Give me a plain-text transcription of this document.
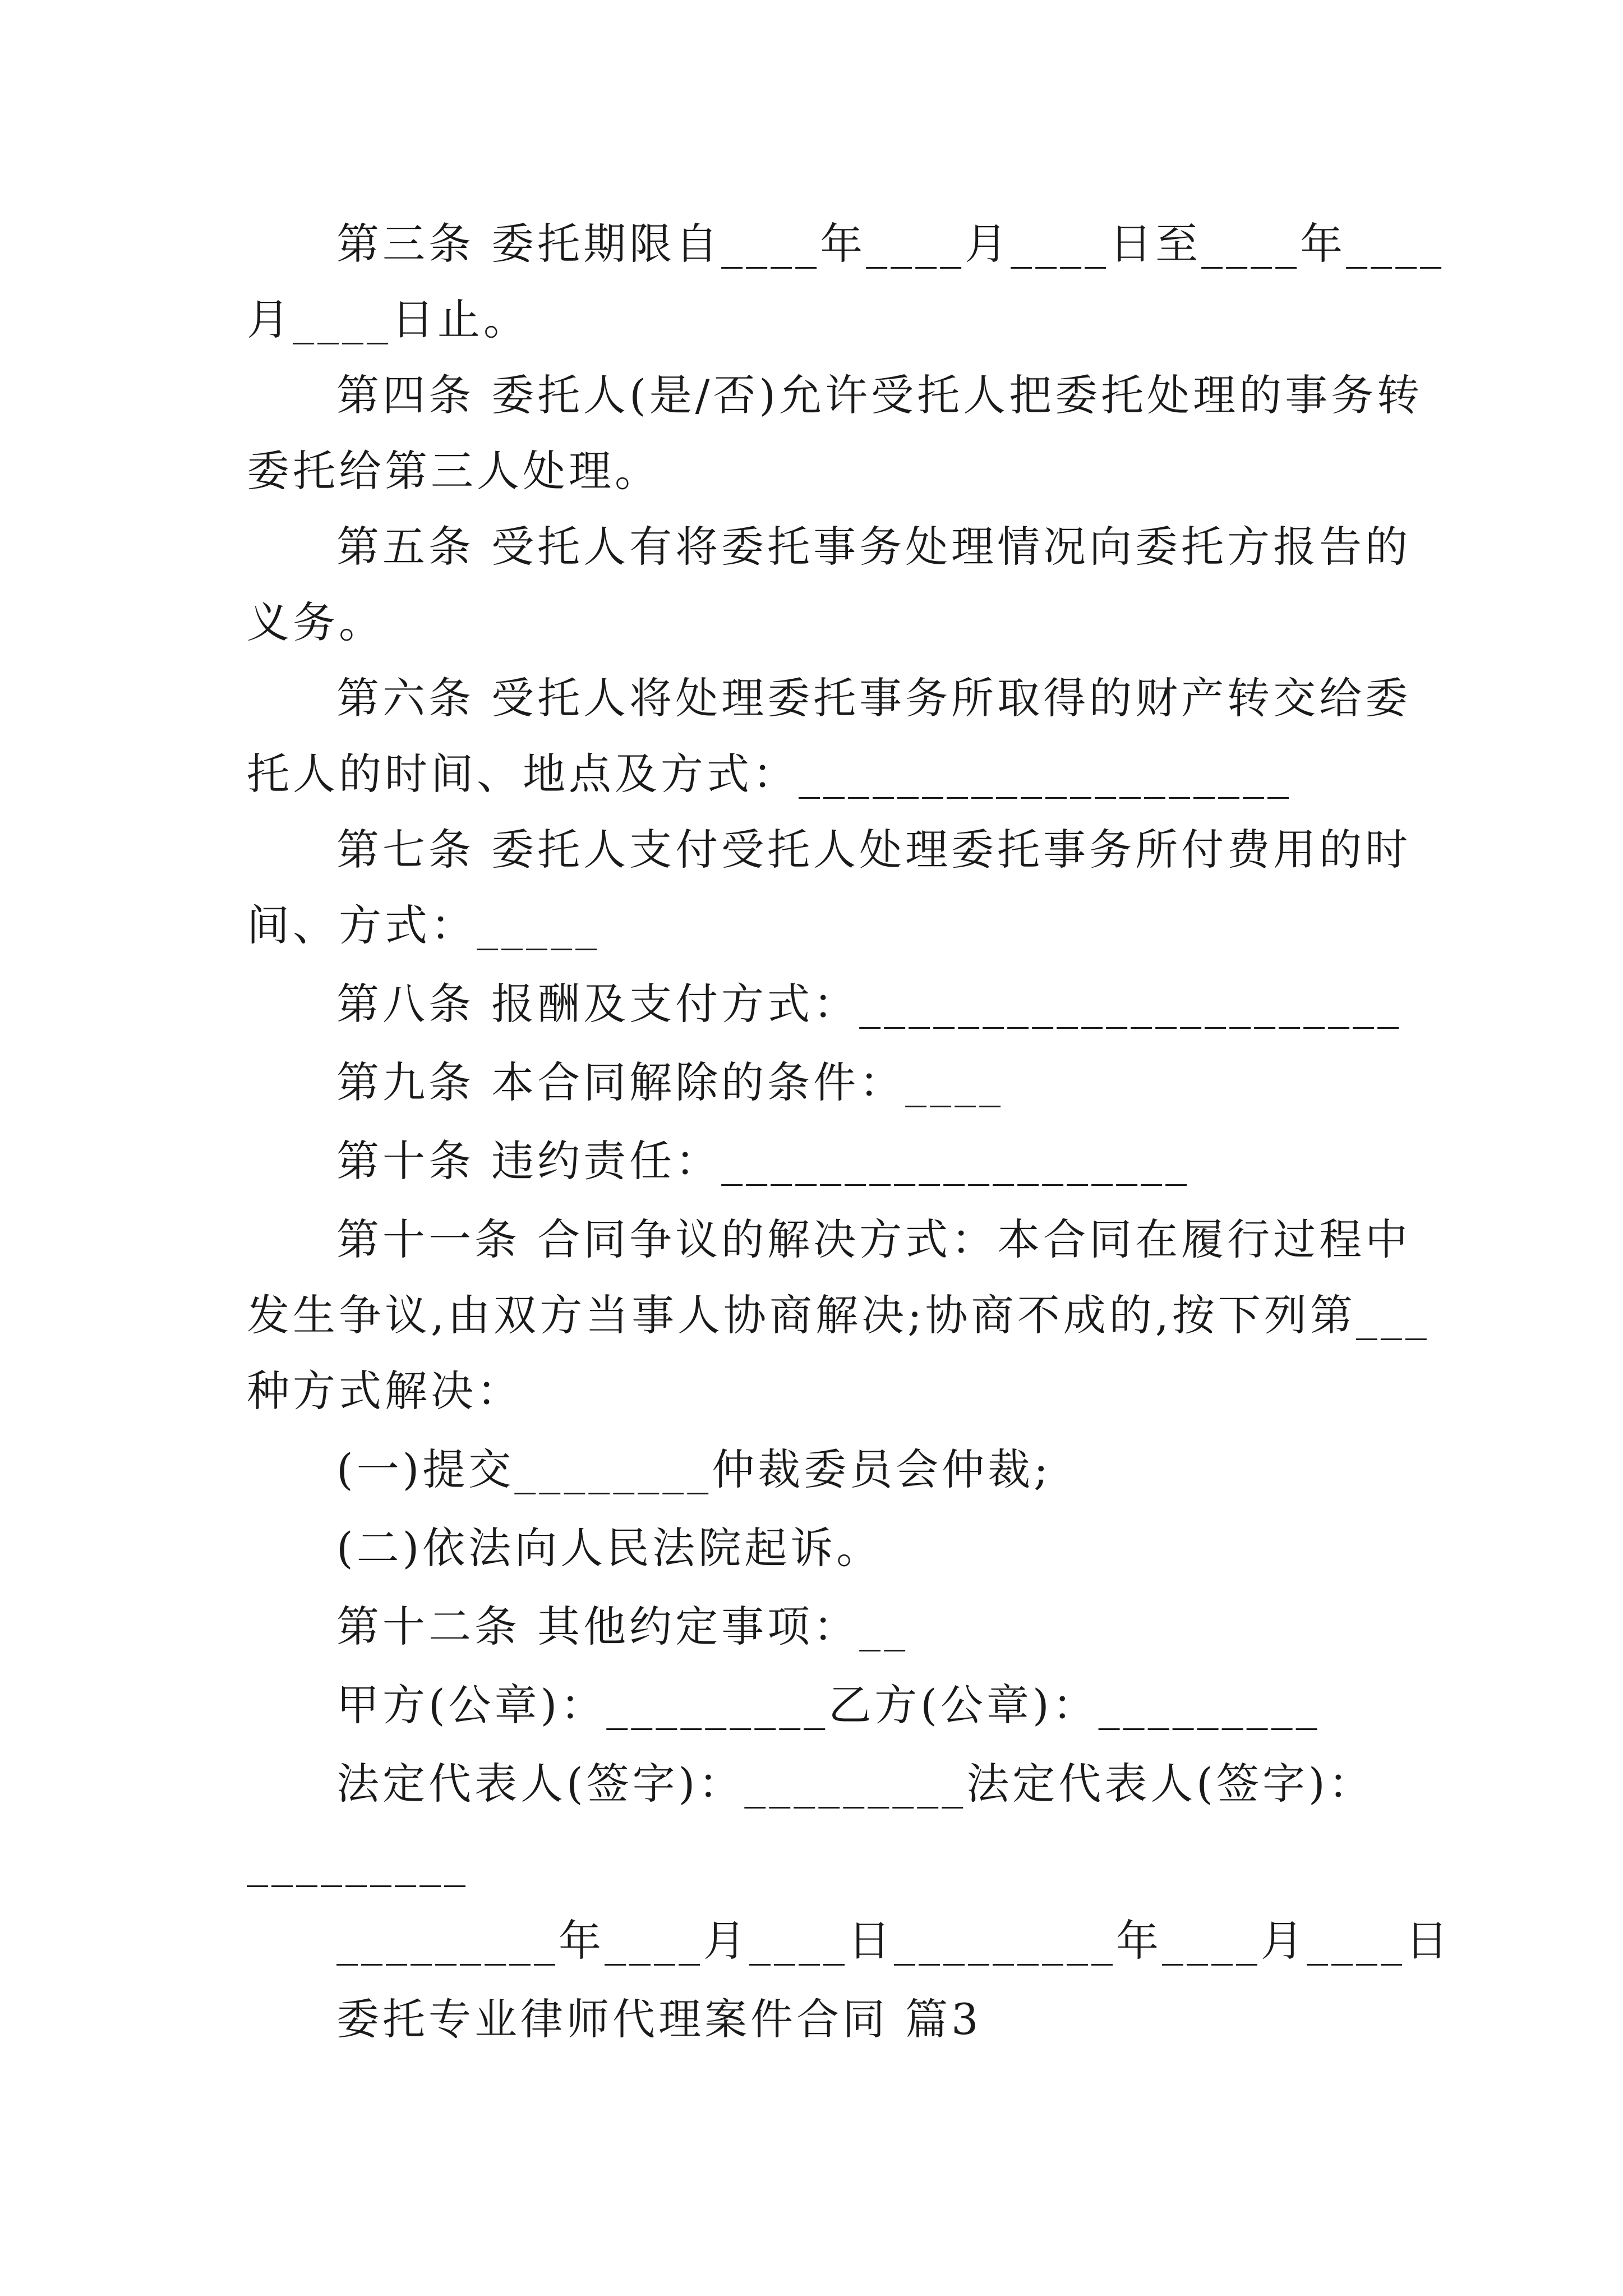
第三条 委托期限自____年____月____日至____年____
月____日止。
第四条 委托人(是/否)允许受托人把委托处理的事务转
委托给第三人处理。
第五条 受托人有将委托事务处理情况向委托方报告的
义务。
第六条 受托人将处理委托事务所取得的财产转交给委
托人的时间、地点及方式：____________________
第七条 委托人支付受托人处理委托事务所付费用的时
间、方式：_____
第八条 报酬及支付方式：______________________
第九条 本合同解除的条件：____
第十条 违约责任：___________________
第十一条 合同争议的解决方式：本合同在履行过程中
发生争议,由双方当事人协商解决;协商不成的,按下列第___
种方式解决：
(一)提交________仲裁委员会仲裁;
(二)依法向人民法院起诉。
第十二条 其他约定事项：__
甲方(公章)：_________乙方(公章)：_________
法定代表人(签字)：_________法定代表人(签字)：
_________
_________年____月____日_________年____月____日
委托专业律师代理案件合同 篇3
